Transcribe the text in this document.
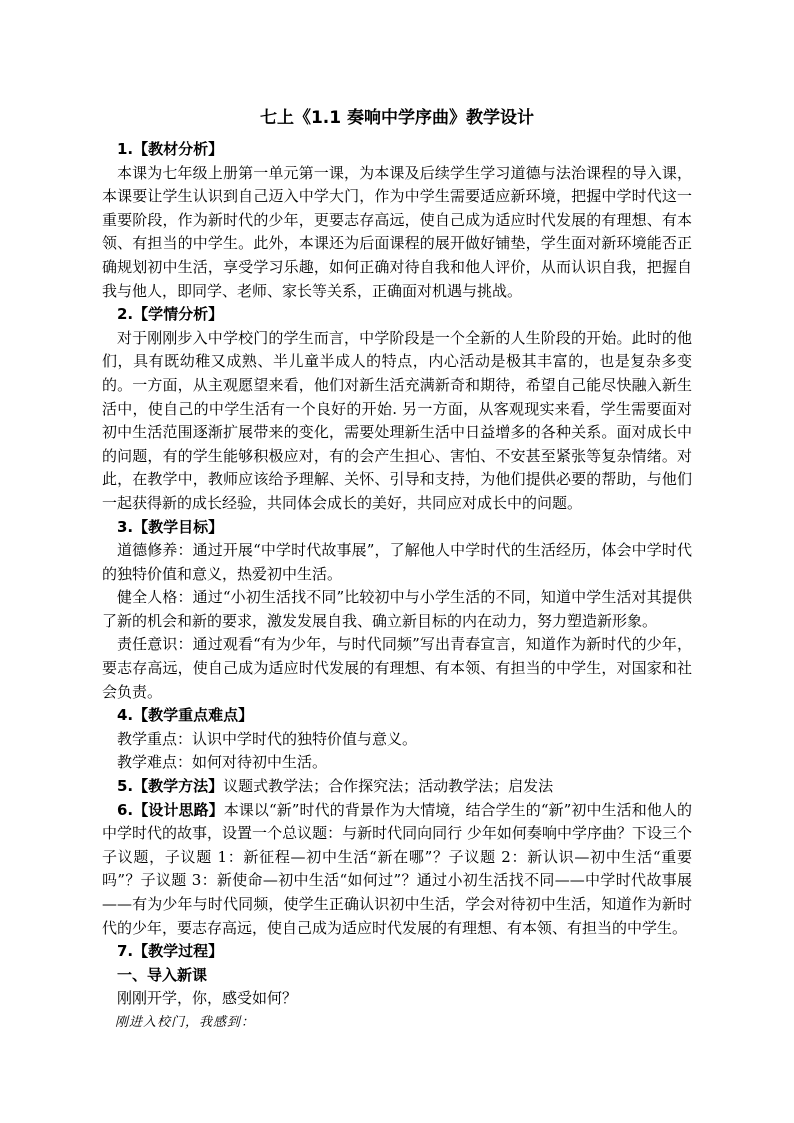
七上《1.1 奏响中学序曲》教学设计

1.【教材分析】

本课为七年级上册第一单元第一课，为本课及后续学生学习道德与法治课程的导入课，本课要让学生认识到自己迈入中学大门，作为中学生需要适应新环境，把握中学时代这一重要阶段，作为新时代的少年，更要志存高远，使自己成为适应时代发展的有理想、有本领、有担当的中学生。此外，本课还为后面课程的展开做好铺垫，学生面对新环境能否正确规划初中生活，享受学习乐趣，如何正确对待自我和他人评价，从而认识自我，把握自我与他人，即同学、老师、家长等关系，正确面对机遇与挑战。

2.【学情分析】

对于刚刚步入中学校门的学生而言，中学阶段是一个全新的人生阶段的开始。此时的他们，具有既幼稚又成熟、半儿童半成人的特点，内心活动是极其丰富的，也是复杂多变的。一方面，从主观愿望来看，他们对新生活充满新奇和期待，希望自己能尽快融入新生活中，使自己的中学生活有一个良好的开始. 另一方面，从客观现实来看，学生需要面对初中生活范围逐渐扩展带来的变化，需要处理新生活中日益增多的各种关系。面对成长中的问题，有的学生能够积极应对，有的会产生担心、害怕、不安甚至紧张等复杂情绪。对此，在教学中，教师应该给予理解、关怀、引导和支持，为他们提供必要的帮助，与他们一起获得新的成长经验，共同体会成长的美好，共同应对成长中的问题。

3.【教学目标】

道德修养：通过开展“中学时代故事展”，了解他人中学时代的生活经历，体会中学时代的独特价值和意义，热爱初中生活。

健全人格：通过“小初生活找不同”比较初中与小学生活的不同，知道中学生活对其提供了新的机会和新的要求，激发发展自我、确立新目标的内在动力，努力塑造新形象。

责任意识：通过观看“有为少年，与时代同频”写出青春宣言，知道作为新时代的少年，要志存高远，使自己成为适应时代发展的有理想、有本领、有担当的中学生，对国家和社会负责。

4.【教学重点难点】

教学重点：认识中学时代的独特价值与意义。

教学难点：如何对待初中生活。

5.【教学方法】议题式教学法；合作探究法；活动教学法；启发法

6.【设计思路】本课以“新”时代的背景作为大情境，结合学生的“新”初中生活和他人的中学时代的故事，设置一个总议题：与新时代同向同行 少年如何奏响中学序曲？下设三个子议题，子议题 1：新征程—初中生活“新在哪”？子议题 2：新认识—初中生活“重要吗”？子议题 3：新使命—初中生活“如何过”？通过小初生活找不同——中学时代故事展——有为少年与时代同频，使学生正确认识初中生活，学会对待初中生活，知道作为新时代的少年，要志存高远，使自己成为适应时代发展的有理想、有本领、有担当的中学生。

7.【教学过程】

一、导入新课

刚刚开学，你，感受如何？

刚进入校门，我感到：
